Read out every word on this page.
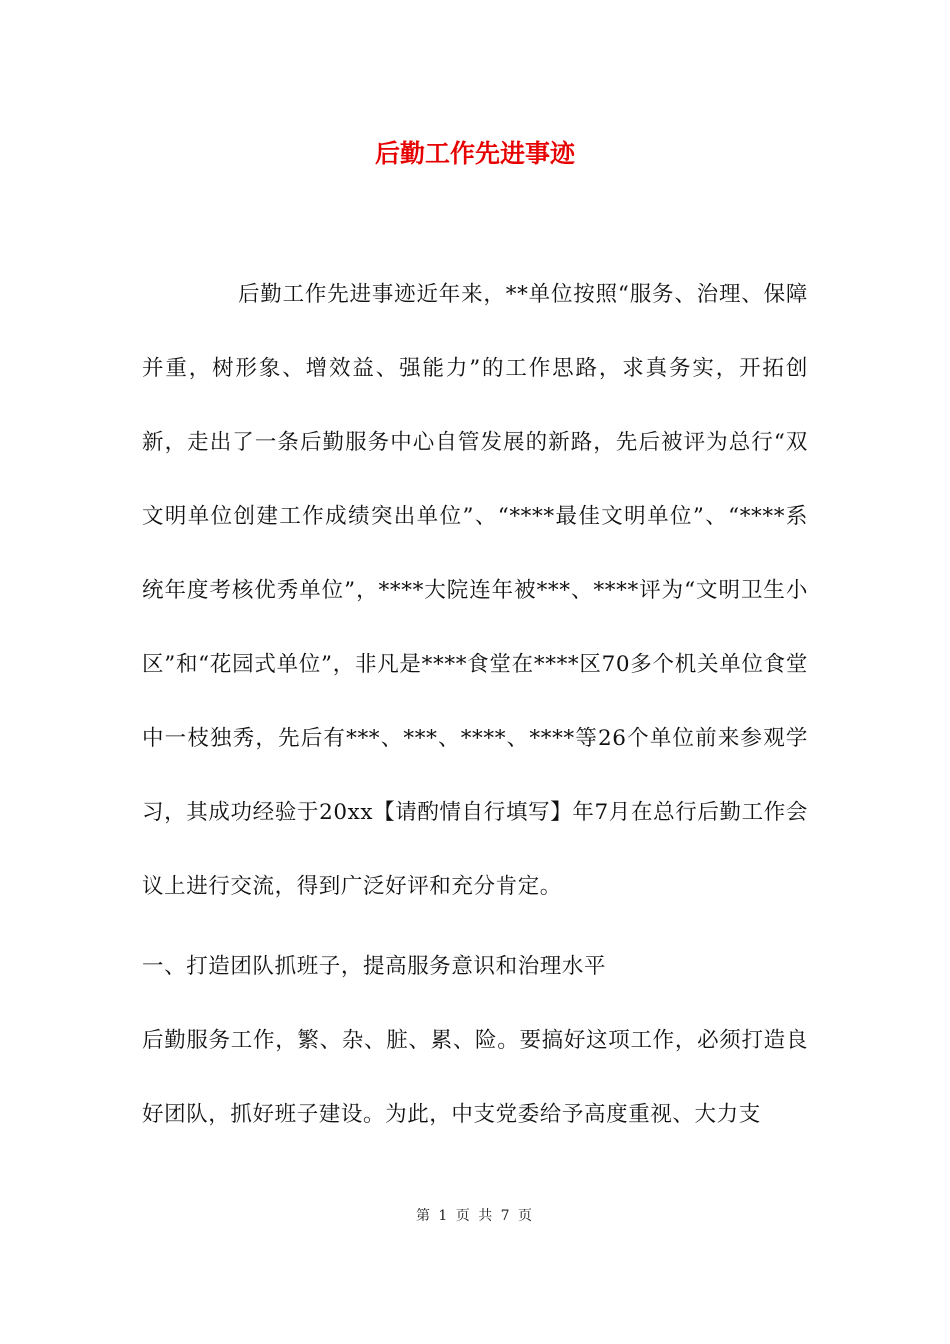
后勤工作先进事迹
后勤工作先进事迹近年来，**单位按照“服务、治理、保障并重，树形象、增效益、强能力”的工作思路，求真务实，开拓创新，走出了一条后勤服务中心自管发展的新路，先后被评为总行“双文明单位创建工作成绩突出单位”、“****最佳文明单位”、“****系统年度考核优秀单位”，****大院连年被***、****评为“文明卫生小区”和“花园式单位”，非凡是****食堂在****区70多个机关单位食堂中一枝独秀，先后有***、***、****、****等26个单位前来参观学习，其成功经验于20xx【请酌情自行填写】年7月在总行后勤工作会议上进行交流，得到广泛好评和充分肯定。
一、打造团队抓班子，提高服务意识和治理水平
后勤服务工作，繁、杂、脏、累、险。要搞好这项工作，必须打造良好团队，抓好班子建设。为此，中支党委给予高度重视、大力支
第 1 页 共 7 页
